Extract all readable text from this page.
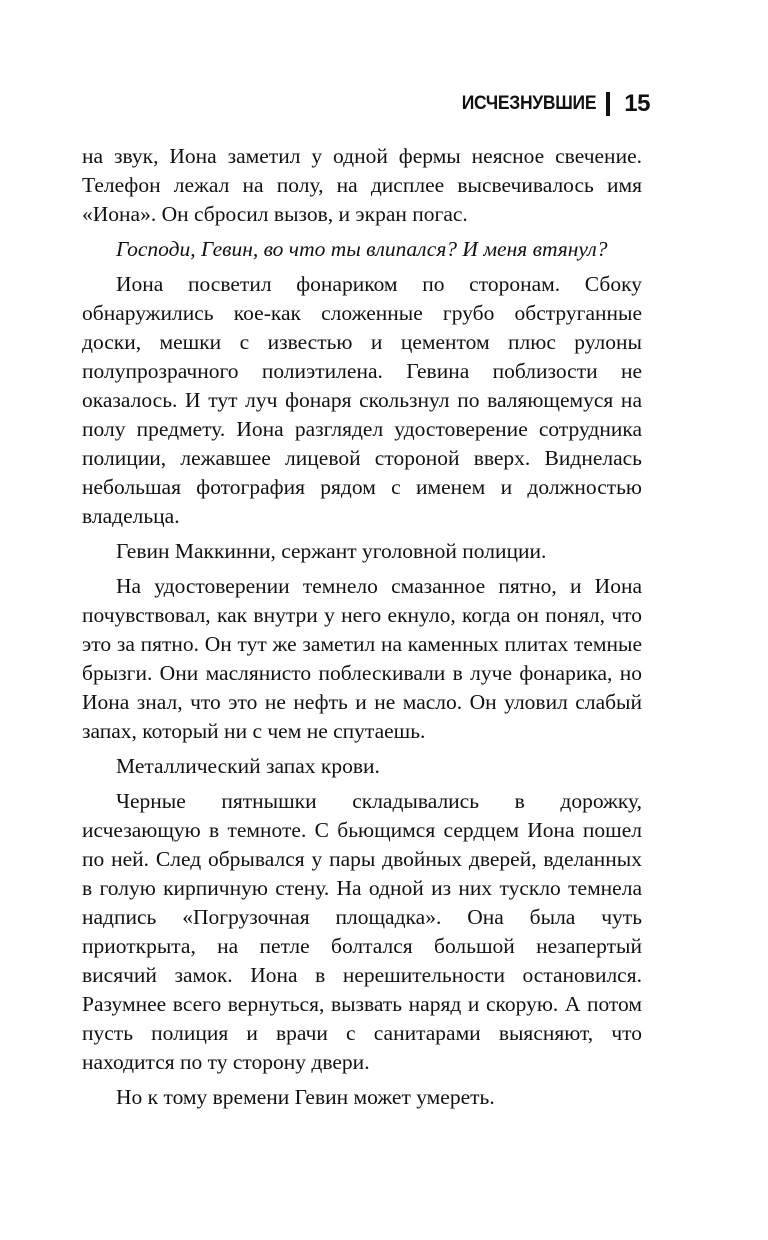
ИСЧЕЗНУВШИЕ 15

на звук, Иона заметил у одной фермы неясное свечение. Телефон лежал на полу, на дисплее высвечивалось имя «Иона». Он сбросил вызов, и экран погас.

Господи, Гевин, во что ты влипался? И меня втянул?

Иона посветил фонариком по сторонам. Сбоку обнаружились кое-как сложенные грубо обструганные доски, мешки с известью и цементом плюс рулоны полупрозрачного полиэтилена. Гевина поблизости не оказалось. И тут луч фонаря скользнул по валяющемуся на полу предмету. Иона разглядел удостоверение сотрудника полиции, лежавшее лицевой стороной вверх. Виднелась небольшая фотография рядом с именем и должностью владельца.

Гевин Маккинни, сержант уголовной полиции.

На удостоверении темнело смазанное пятно, и Иона почувствовал, как внутри у него екнуло, когда он понял, что это за пятно. Он тут же заметил на каменных плитах темные брызги. Они маслянисто поблескивали в луче фонарика, но Иона знал, что это не нефть и не масло. Он уловил слабый запах, который ни с чем не спутаешь.

Металлический запах крови.

Черные пятнышки складывались в дорожку, исчезающую в темноте. С бьющимся сердцем Иона пошел по ней. След обрывался у пары двойных дверей, вделанных в голую кирпичную стену. На одной из них тускло темнела надпись «Погрузочная площадка». Она была чуть приоткрыта, на петле болтался большой незапертый висячий замок. Иона в нерешительности остановился. Разумнее всего вернуться, вызвать наряд и скорую. А потом пусть полиция и врачи с санитарами выясняют, что находится по ту сторону двери.

Но к тому времени Гевин может умереть.
